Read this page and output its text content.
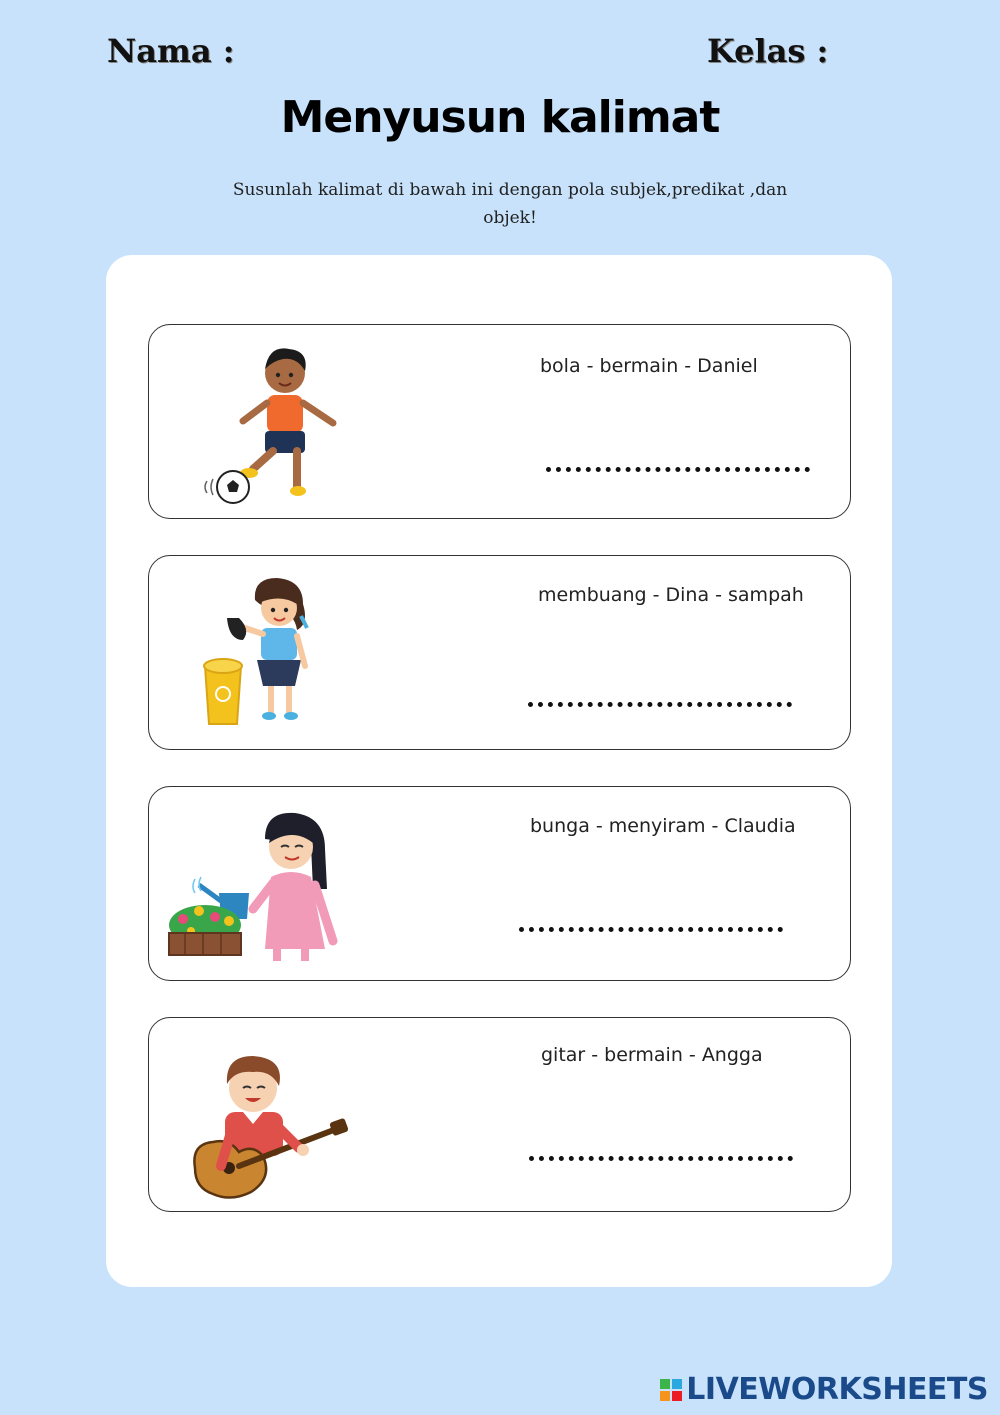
Nama :	Kelas :
Menyusun kalimat
Susunlah kalimat di bawah ini dengan pola subjek,predikat ,dan objek!
bola - bermain - Daniel
membuang - Dina - sampah
bunga - menyiram - Claudia
gitar - bermain - Angga
LIVEWORKSHEETS
